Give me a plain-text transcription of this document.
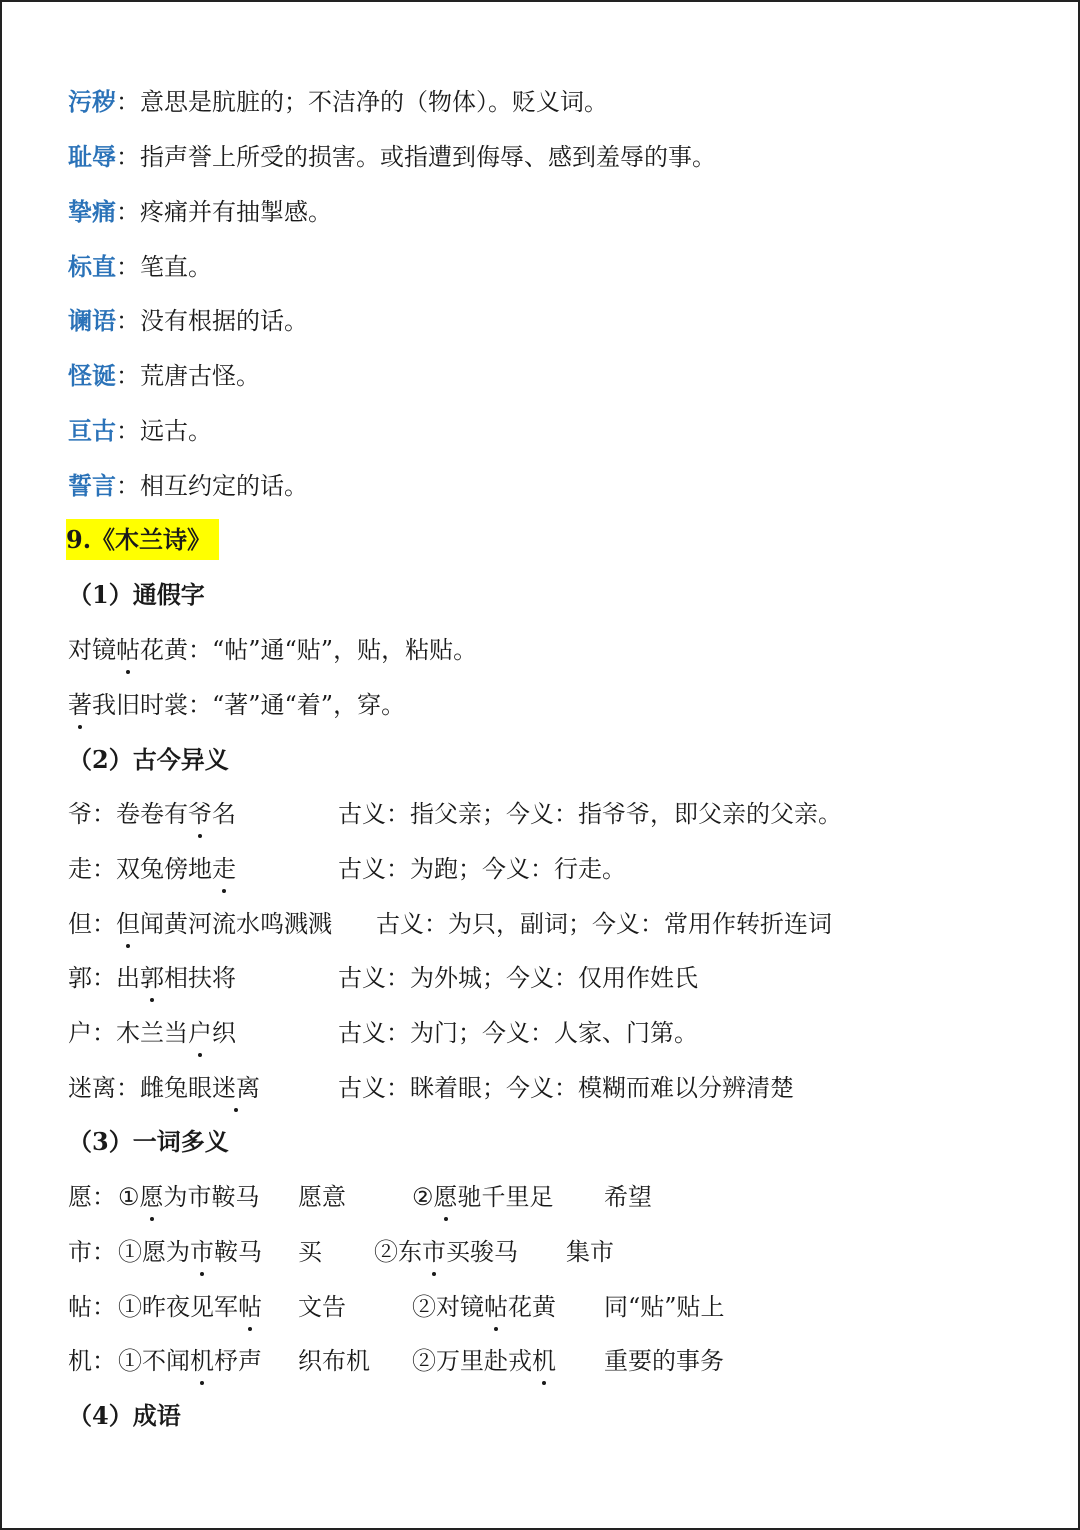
污秽：意思是肮脏的；不洁净的（物体）。贬义词。
耻辱：指声誉上所受的损害。或指遭到侮辱、感到羞辱的事。
挚痛：疼痛并有抽掣感。
标直：笔直。
谰语：没有根据的话。
怪诞：荒唐古怪。
亘古：远古。
誓言：相互约定的话。
9.《木兰诗》
（1）通假字
对镜帖花黄：“帖”通“贴”，贴，粘贴。
著我旧时裳：“著”通“着”，穿。
（2）古今异义
爷：卷卷有爷名	古义：指父亲；今义：指爷爷，即父亲的父亲。
走：双兔傍地走	古义：为跑；今义：行走。
但：但闻黄河流水鸣溅溅 古义：为只，副词；今义：常用作转折连词
郭：出郭相扶将	古义：为外城；今义：仅用作姓氏
户：木兰当户织	古义：为门；今义：人家、门第。
迷离：雌兔眼迷离	古义：眯着眼；今义：模糊而难以分辨清楚
（3）一词多义
愿： ①愿为市鞍马 愿意	②愿驰千里足 希望
市： ①愿为市鞍马 买 ②东市买骏马 集市
帖： ①昨夜见军帖 文告	②对镜帖花黄 同“贴”贴上
机： ①不闻机杼声 织布机 ②万里赴戎机 重要的事务
（4）成语
